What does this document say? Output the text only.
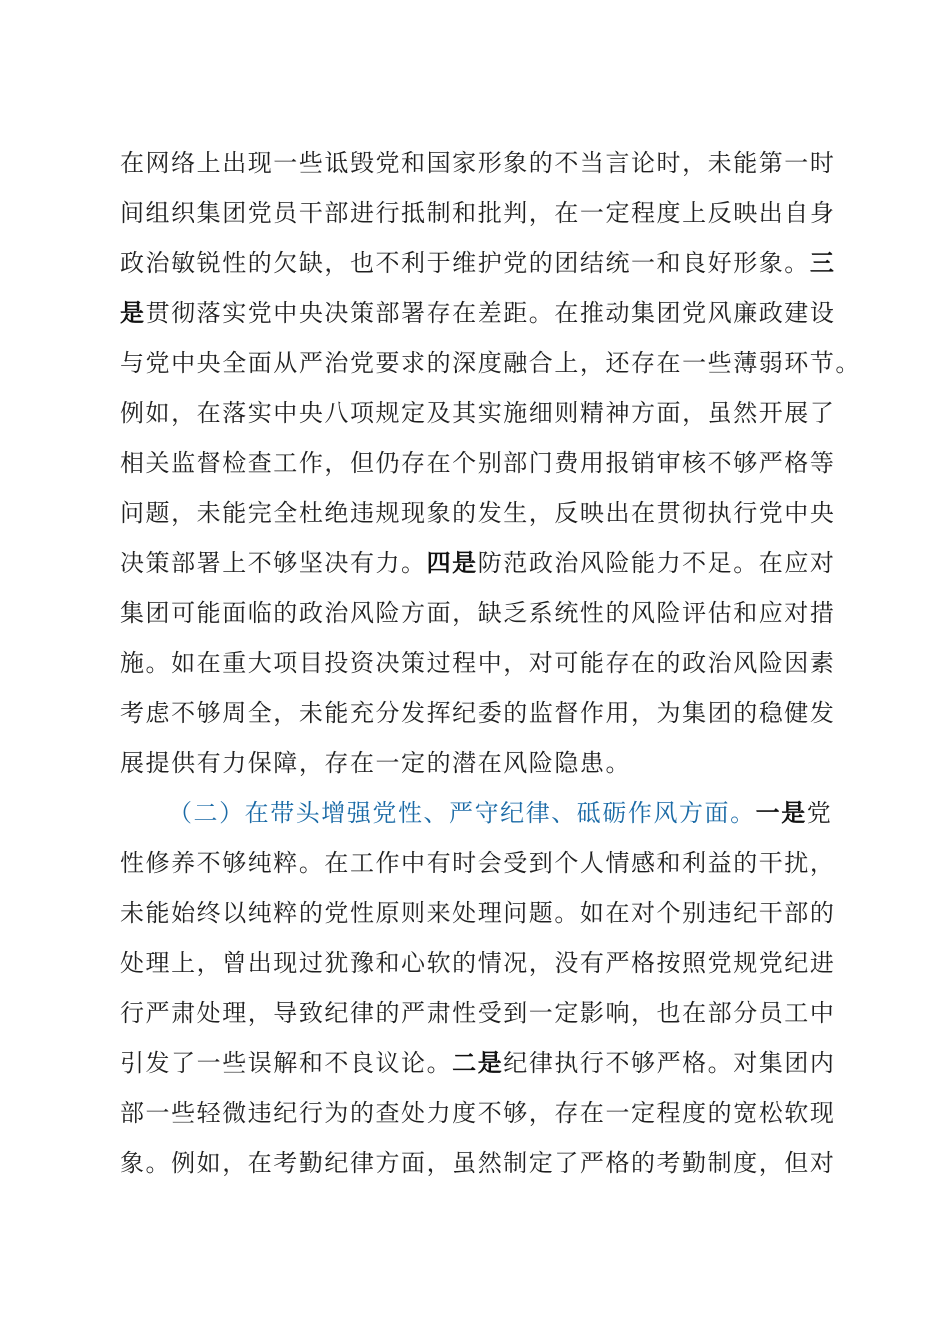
在网络上出现一些诋毁党和国家形象的不当言论时，未能第一时
间组织集团党员干部进行抵制和批判，在一定程度上反映出自身
政治敏锐性的欠缺，也不利于维护党的团结统一和良好形象。三
是贯彻落实党中央决策部署存在差距。在推动集团党风廉政建设
与党中央全面从严治党要求的深度融合上，还存在一些薄弱环节。
例如，在落实中央八项规定及其实施细则精神方面，虽然开展了
相关监督检查工作，但仍存在个别部门费用报销审核不够严格等
问题，未能完全杜绝违规现象的发生，反映出在贯彻执行党中央
决策部署上不够坚决有力。四是防范政治风险能力不足。在应对
集团可能面临的政治风险方面，缺乏系统性的风险评估和应对措
施。如在重大项目投资决策过程中，对可能存在的政治风险因素
考虑不够周全，未能充分发挥纪委的监督作用，为集团的稳健发
展提供有力保障，存在一定的潜在风险隐患。
（二）在带头增强党性、严守纪律、砥砺作风方面。一是党
性修养不够纯粹。在工作中有时会受到个人情感和利益的干扰，
未能始终以纯粹的党性原则来处理问题。如在对个别违纪干部的
处理上，曾出现过犹豫和心软的情况，没有严格按照党规党纪进
行严肃处理，导致纪律的严肃性受到一定影响，也在部分员工中
引发了一些误解和不良议论。二是纪律执行不够严格。对集团内
部一些轻微违纪行为的查处力度不够，存在一定程度的宽松软现
象。例如，在考勤纪律方面，虽然制定了严格的考勤制度，但对
